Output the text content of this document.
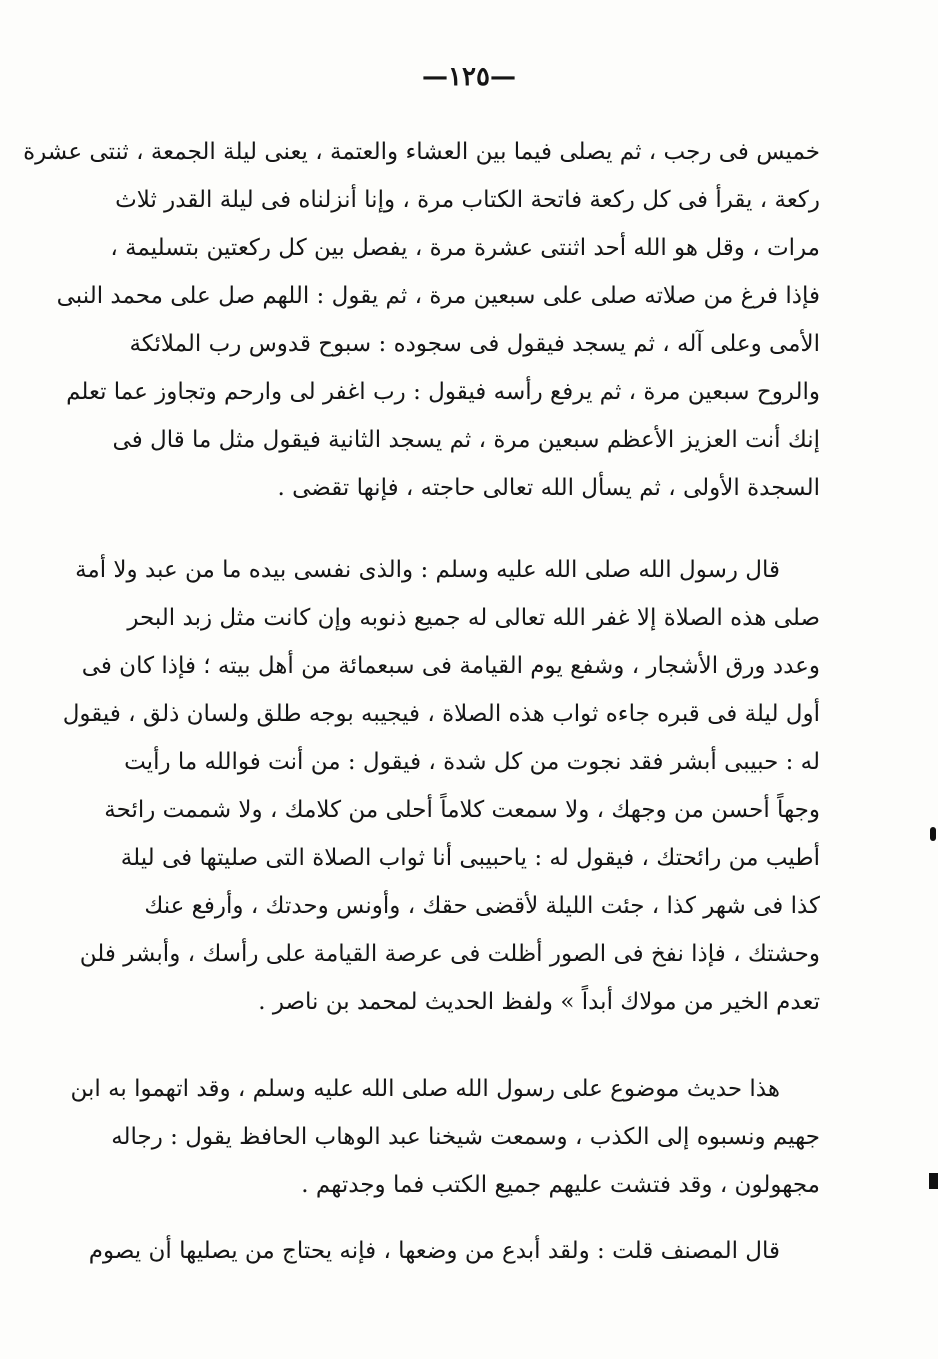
—١٢٥—
خميس فى رجب ، ثم يصلى فيما بين العشاء والعتمة ، يعنى ليلة الجمعة ، ثنتى عشرة
ركعة ، يقرأ فى كل ركعة فاتحة الكتاب مرة ، وإنا أنزلناه فى ليلة القدر ثلاث
مرات ، وقل هو الله أحد اثنتى عشرة مرة ، يفصل بين كل ركعتين بتسليمة ،
فإذا فرغ من صلاته صلى على سبعين مرة ، ثم يقول : اللهم صل على محمد النبى
الأمى وعلى آله ، ثم يسجد فيقول فى سجوده : سبوح قدوس رب الملائكة
والروح سبعين مرة ، ثم يرفع رأسه فيقول : رب اغفر لى وارحم وتجاوز عما تعلم
إنك أنت العزيز الأعظم سبعين مرة ، ثم يسجد الثانية فيقول مثل ما قال فى
السجدة الأولى ، ثم يسأل الله تعالى حاجته ، فإنها تقضى .
قال رسول الله صلى الله عليه وسلم : والذى نفسى بيده ما من عبد ولا أمة
صلى هذه الصلاة إلا غفر الله تعالى له جميع ذنوبه وإن كانت مثل زبد البحر
وعدد ورق الأشجار ، وشفع يوم القيامة فى سبعمائة من أهل بيته ؛ فإذا كان فى
أول ليلة فى قبره جاءه ثواب هذه الصلاة ، فيجيبه بوجه طلق ولسان ذلق ، فيقول
له : حبيبى أبشر فقد نجوت من كل شدة ، فيقول : من أنت فوالله ما رأيت
وجهاً أحسن من وجهك ، ولا سمعت كلاماً أحلى من كلامك ، ولا شممت رائحة
أطيب من رائحتك ، فيقول له : ياحبيبى أنا ثواب الصلاة التى صليتها فى ليلة
كذا فى شهر كذا ، جئت الليلة لأقضى حقك ، وأونس وحدتك ، وأرفع عنك
وحشتك ، فإذا نفخ فى الصور أظلت فى عرصة القيامة على رأسك ، وأبشر فلن
تعدم الخير من مولاك أبداً » ولفظ الحديث لمحمد بن ناصر .
هذا حديث موضوع على رسول الله صلى الله عليه وسلم ، وقد اتهموا به ابن
جهيم ونسبوه إلى الكذب ، وسمعت شيخنا عبد الوهاب الحافظ يقول : رجاله
مجهولون ، وقد فتشت عليهم جميع الكتب فما وجدتهم .
قال المصنف قلت : ولقد أبدع من وضعها ، فإنه يحتاج من يصليها أن يصوم
